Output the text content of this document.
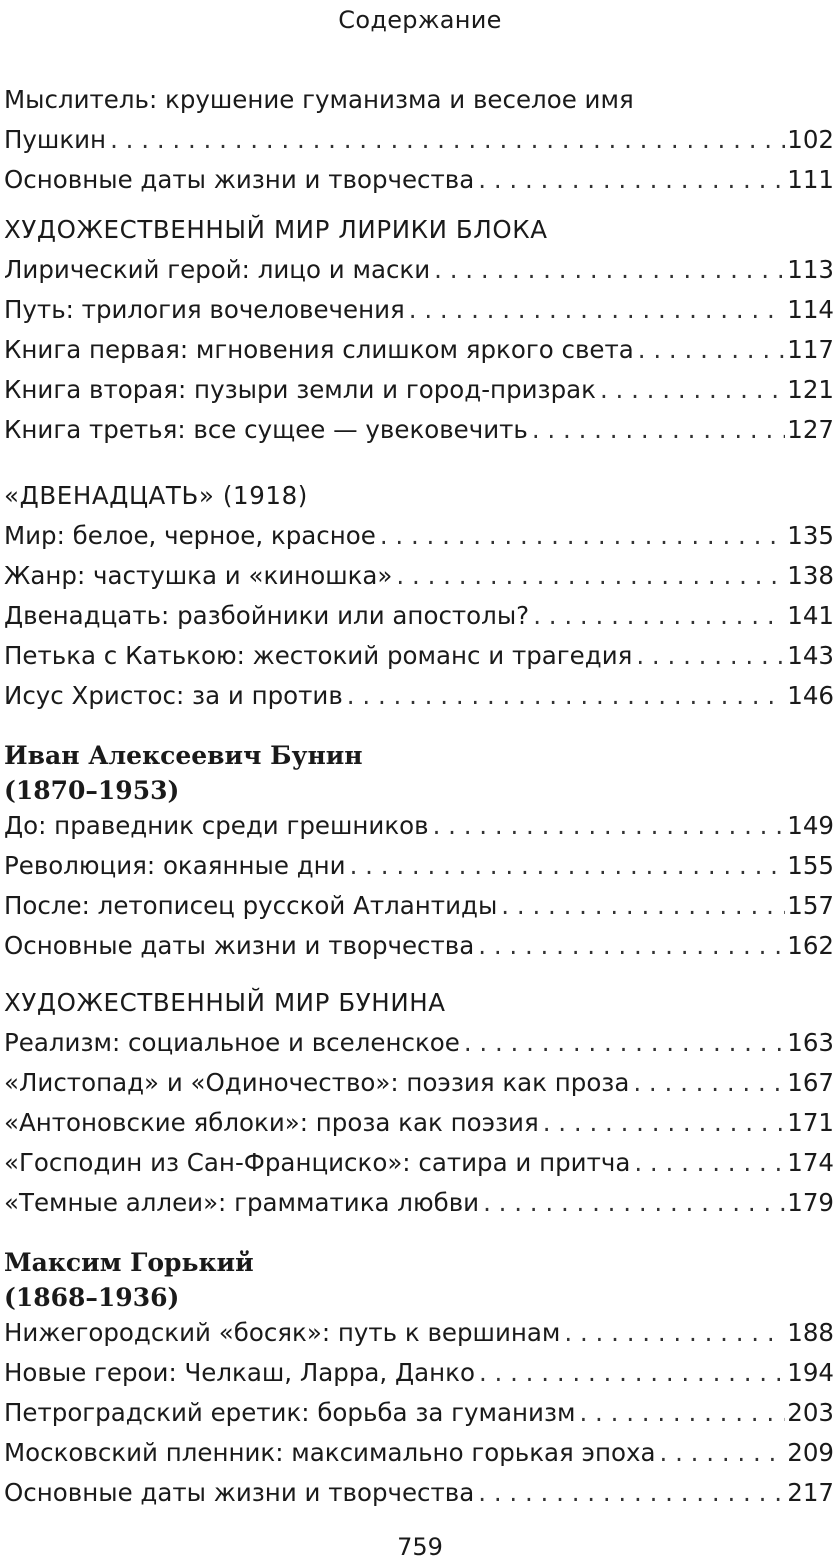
Содержание
Мыслитель: крушение гуманизма и веселое имя
Пушкин . . .	102
Основные даты жизни и творчества . . .	111
ХУДОЖЕСТВЕННЫЙ МИР ЛИРИКИ БЛОКА
Лирический герой: лицо и маски . . .	113
Путь: трилогия вочеловечения . . .	114
Книга первая: мгновения слишком яркого света . . .	117
Книга вторая: пузыри земли и город-призрак . . .	121
Книга третья: все сущее — увековечить . . .	127
«ДВЕНАДЦАТЬ» (1918)
Мир: белое, черное, красное . . .	135
Жанр: частушка и «киношка» . . .	138
Двенадцать: разбойники или апостолы? . . .	141
Петька с Катькою: жестокий романс и трагедия . . .	143
Исус Христос: за и против . . .	146
Иван Алексеевич Бунин
(1870–1953)
До: праведник среди грешников . . .	149
Революция: окаянные дни . . .	155
После: летописец русской Атлантиды . . .	157
Основные даты жизни и творчества . . .	162
ХУДОЖЕСТВЕННЫЙ МИР БУНИНА
Реализм: социальное и вселенское . . .	163
«Листопад» и «Одиночество»: поэзия как проза . . .	167
«Антоновские яблоки»: проза как поэзия . . .	171
«Господин из Сан-Франциско»: сатира и притча . . .	174
«Темные аллеи»: грамматика любви . . .	179
Максим Горький
(1868–1936)
Нижегородский «босяк»: путь к вершинам . . .	188
Новые герои: Челкаш, Ларра, Данко . . .	194
Петроградский еретик: борьба за гуманизм . . .	203
Московский пленник: максимально горькая эпоха . . .	209
Основные даты жизни и творчества . . .	217
759
